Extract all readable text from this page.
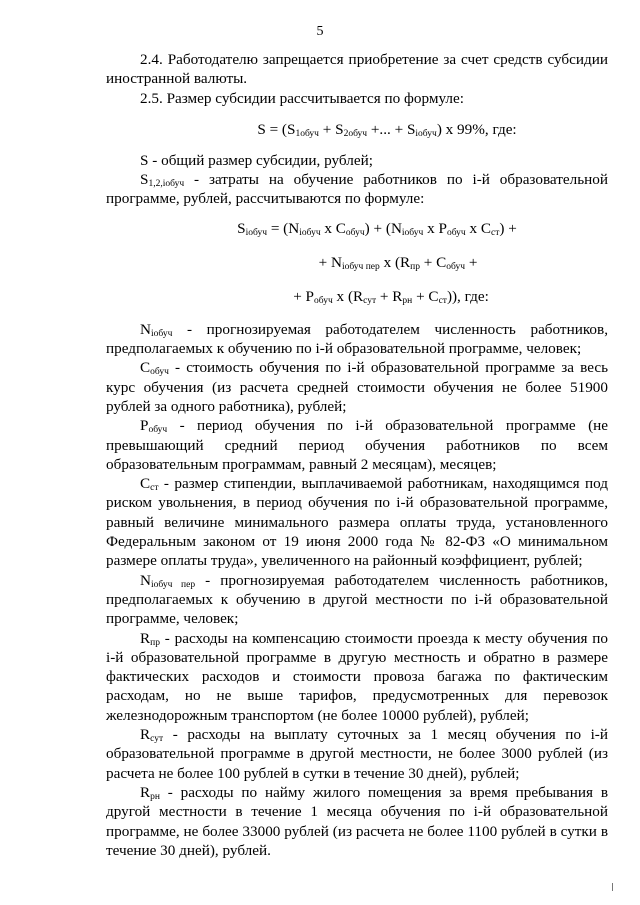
5

2.4. Работодателю запрещается приобретение за счет средств субсидии иностранной валюты.

2.5. Размер субсидии рассчитывается по формуле:

$S = (S_{1обуч} + S_{2обуч}$ +... + $S_{iобуч}$) х 99%, где:

S - общий размер субсидии, рублей;

$S_{1,2,iобуч}$ - затраты на обучение работников по i-й образовательной программе, рублей, рассчитываются по формуле:

$S_{iобуч} = (N_{iобуч}$ х $C_{обуч}) + (N_{iобуч}$ х $P_{обуч}$ х $C_{ст}$) +

+ $N_{iобуч пер}$ х ($R_{пр} + C_{обуч}$ +

+ $P_{обуч}$ х $(R_{сут} + R_{рн} + C_{ст})$), где:

$N_{iобуч}$ - прогнозируемая работодателем численность работников, предполагаемых к обучению по i-й образовательной программе, человек;

$C_{обуч}$ - стоимость обучения по i-й образовательной программе за весь курс обучения (из расчета средней стоимости обучения не более 51900 рублей за одного работника), рублей;

$P_{обуч}$ - период обучения по i-й образовательной программе (не превышающий средний период обучения работников по всем образовательным программам, равный 2 месяцам), месяцев;

$C_{ст}$ - размер стипендии, выплачиваемой работникам, находящимся под риском увольнения, в период обучения по i-й образовательной программе, равный величине минимального размера оплаты труда, установленного Федеральным законом от 19 июня 2000 года № 82-ФЗ «О минимальном размере оплаты труда», увеличенного на районный коэффициент, рублей;

$N_{iобуч пер}$ - прогнозируемая работодателем численность работников, предполагаемых к обучению в другой местности по i-й образовательной программе, человек;

$R_{пр}$ - расходы на компенсацию стоимости проезда к месту обучения по i-й образовательной программе в другую местность и обратно в размере фактических расходов и стоимости провоза багажа по фактическим расходам, но не выше тарифов, предусмотренных для перевозок железнодорожным транспортом (не более 10000 рублей), рублей;

$R_{сут}$ - расходы на выплату суточных за 1 месяц обучения по i-й образовательной программе в другой местности, не более 3000 рублей (из расчета не более 100 рублей в сутки в течение 30 дней), рублей;

$R_{рн}$ - расходы по найму жилого помещения за время пребывания в другой местности в течение 1 месяца обучения по i-й образовательной программе, не более 33000 рублей (из расчета не более 1100 рублей в сутки в течение 30 дней), рублей.
